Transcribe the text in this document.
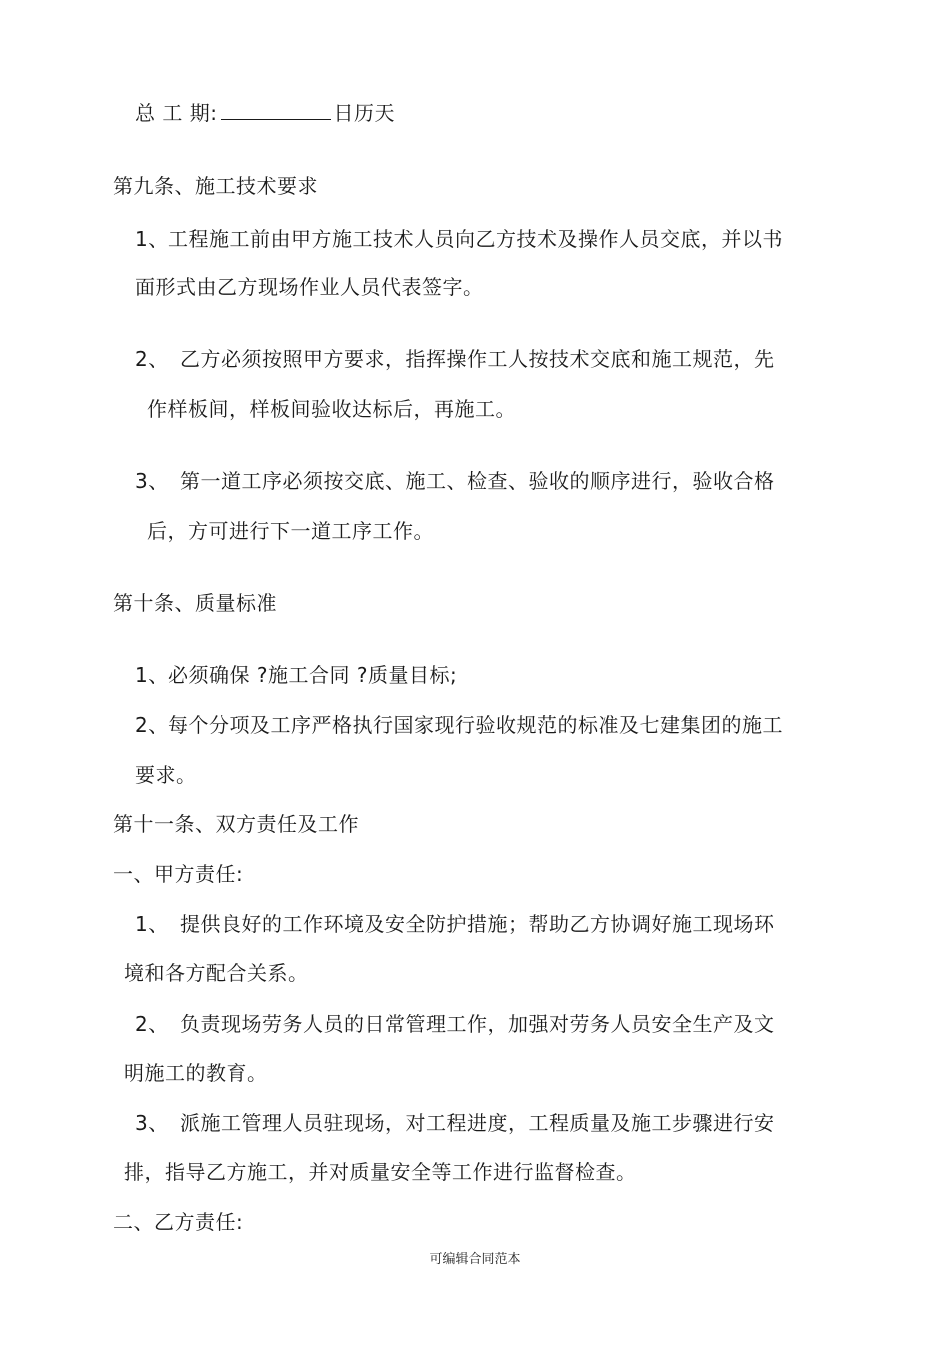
总 工 期:	日历天
第九条、施工技术要求
1、工程施工前由甲方施工技术人员向乙方技术及操作人员交底，并以书
面形式由乙方现场作业人员代表签字。
2、 乙方必须按照甲方要求，指挥操作工人按技术交底和施工规范，先
作样板间，样板间验收达标后，再施工。
3、 第一道工序必须按交底、施工、检查、验收的顺序进行，验收合格
后，方可进行下一道工序工作。
第十条、质量标准
1、必须确保 ?施工合同 ?质量目标;
2、每个分项及工序严格执行国家现行验收规范的标准及七建集团的施工
要求。
第十一条、双方责任及工作
一、甲方责任:
1、 提供良好的工作环境及安全防护措施；帮助乙方协调好施工现场环
境和各方配合关系。
2、 负责现场劳务人员的日常管理工作，加强对劳务人员安全生产及文
明施工的教育。
3、 派施工管理人员驻现场，对工程进度，工程质量及施工步骤进行安
排，指导乙方施工，并对质量安全等工作进行监督检查。
二、乙方责任:
可编辑合同范本
